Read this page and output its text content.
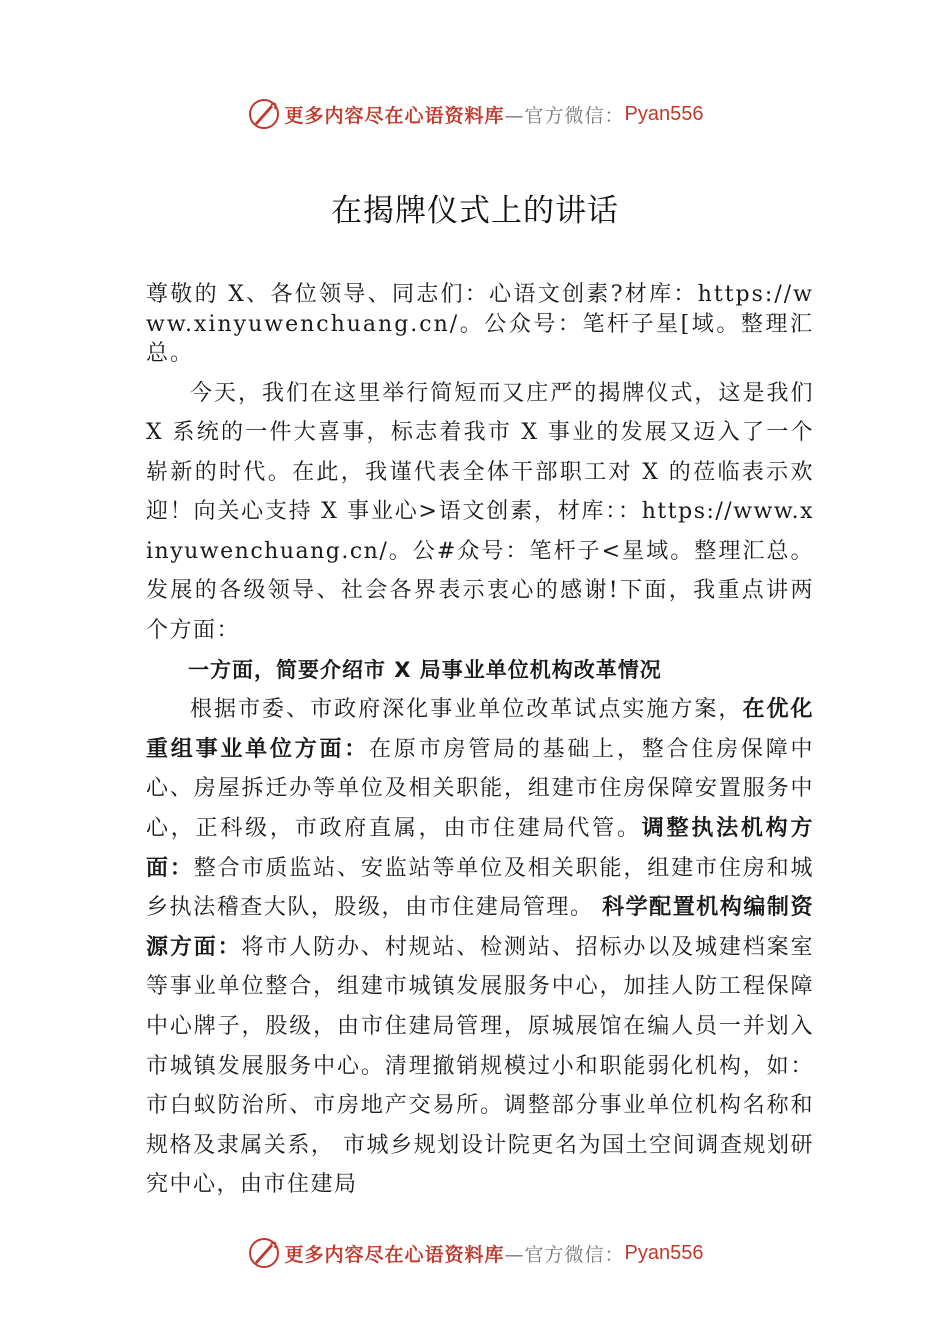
更多内容尽在心语资料库 —官方微信： Pyan556
在揭牌仪式上的讲话

尊敬的 X、各位领导、同志们：心语文创素?材库：https://www.xinyuwenchuang.cn/。公众号：笔杆子星[域。整理汇总。

今天，我们在这里举行简短而又庄严的揭牌仪式，这是我们 X 系统的一件大喜事，标志着我市 X 事业的发展又迈入了一个崭新的时代。在此，我谨代表全体干部职工对 X 的莅临表示欢迎！向关心支持 X 事业心>语文创素，材库：：https://www.xinyuwenchuang.cn/。公#众号：笔杆子<星域。整理汇总。发展的各级领导、社会各界表示衷心的感谢!下面，我重点讲两个方面：

一方面，简要介绍市 X 局事业单位机构改革情况

根据市委、市政府深化事业单位改革试点实施方案，在优化重组事业单位方面：在原市房管局的基础上，整合住房保障中心、房屋拆迁办等单位及相关职能，组建市住房保障安置服务中心，正科级，市政府直属，由市住建局代管。调整执法机构方面：整合市质监站、安监站等单位及相关职能，组建市住房和城乡执法稽查大队，股级，由市住建局管理。 科学配置机构编制资源方面：将市人防办、村规站、检测站、招标办以及城建档案室等事业单位整合，组建市城镇发展服务中心，加挂人防工程保障中心牌子，股级，由市住建局管理，原城展馆在编人员一并划入市城镇发展服务中心。清理撤销规模过小和职能弱化机构，如：市白蚁防治所、市房地产交易所。调整部分事业单位机构名称和规格及隶属关系， 市城乡规划设计院更名为国土空间调查规划研究中心，由市住建局

更多内容尽在心语资料库 —官方微信： Pyan556
